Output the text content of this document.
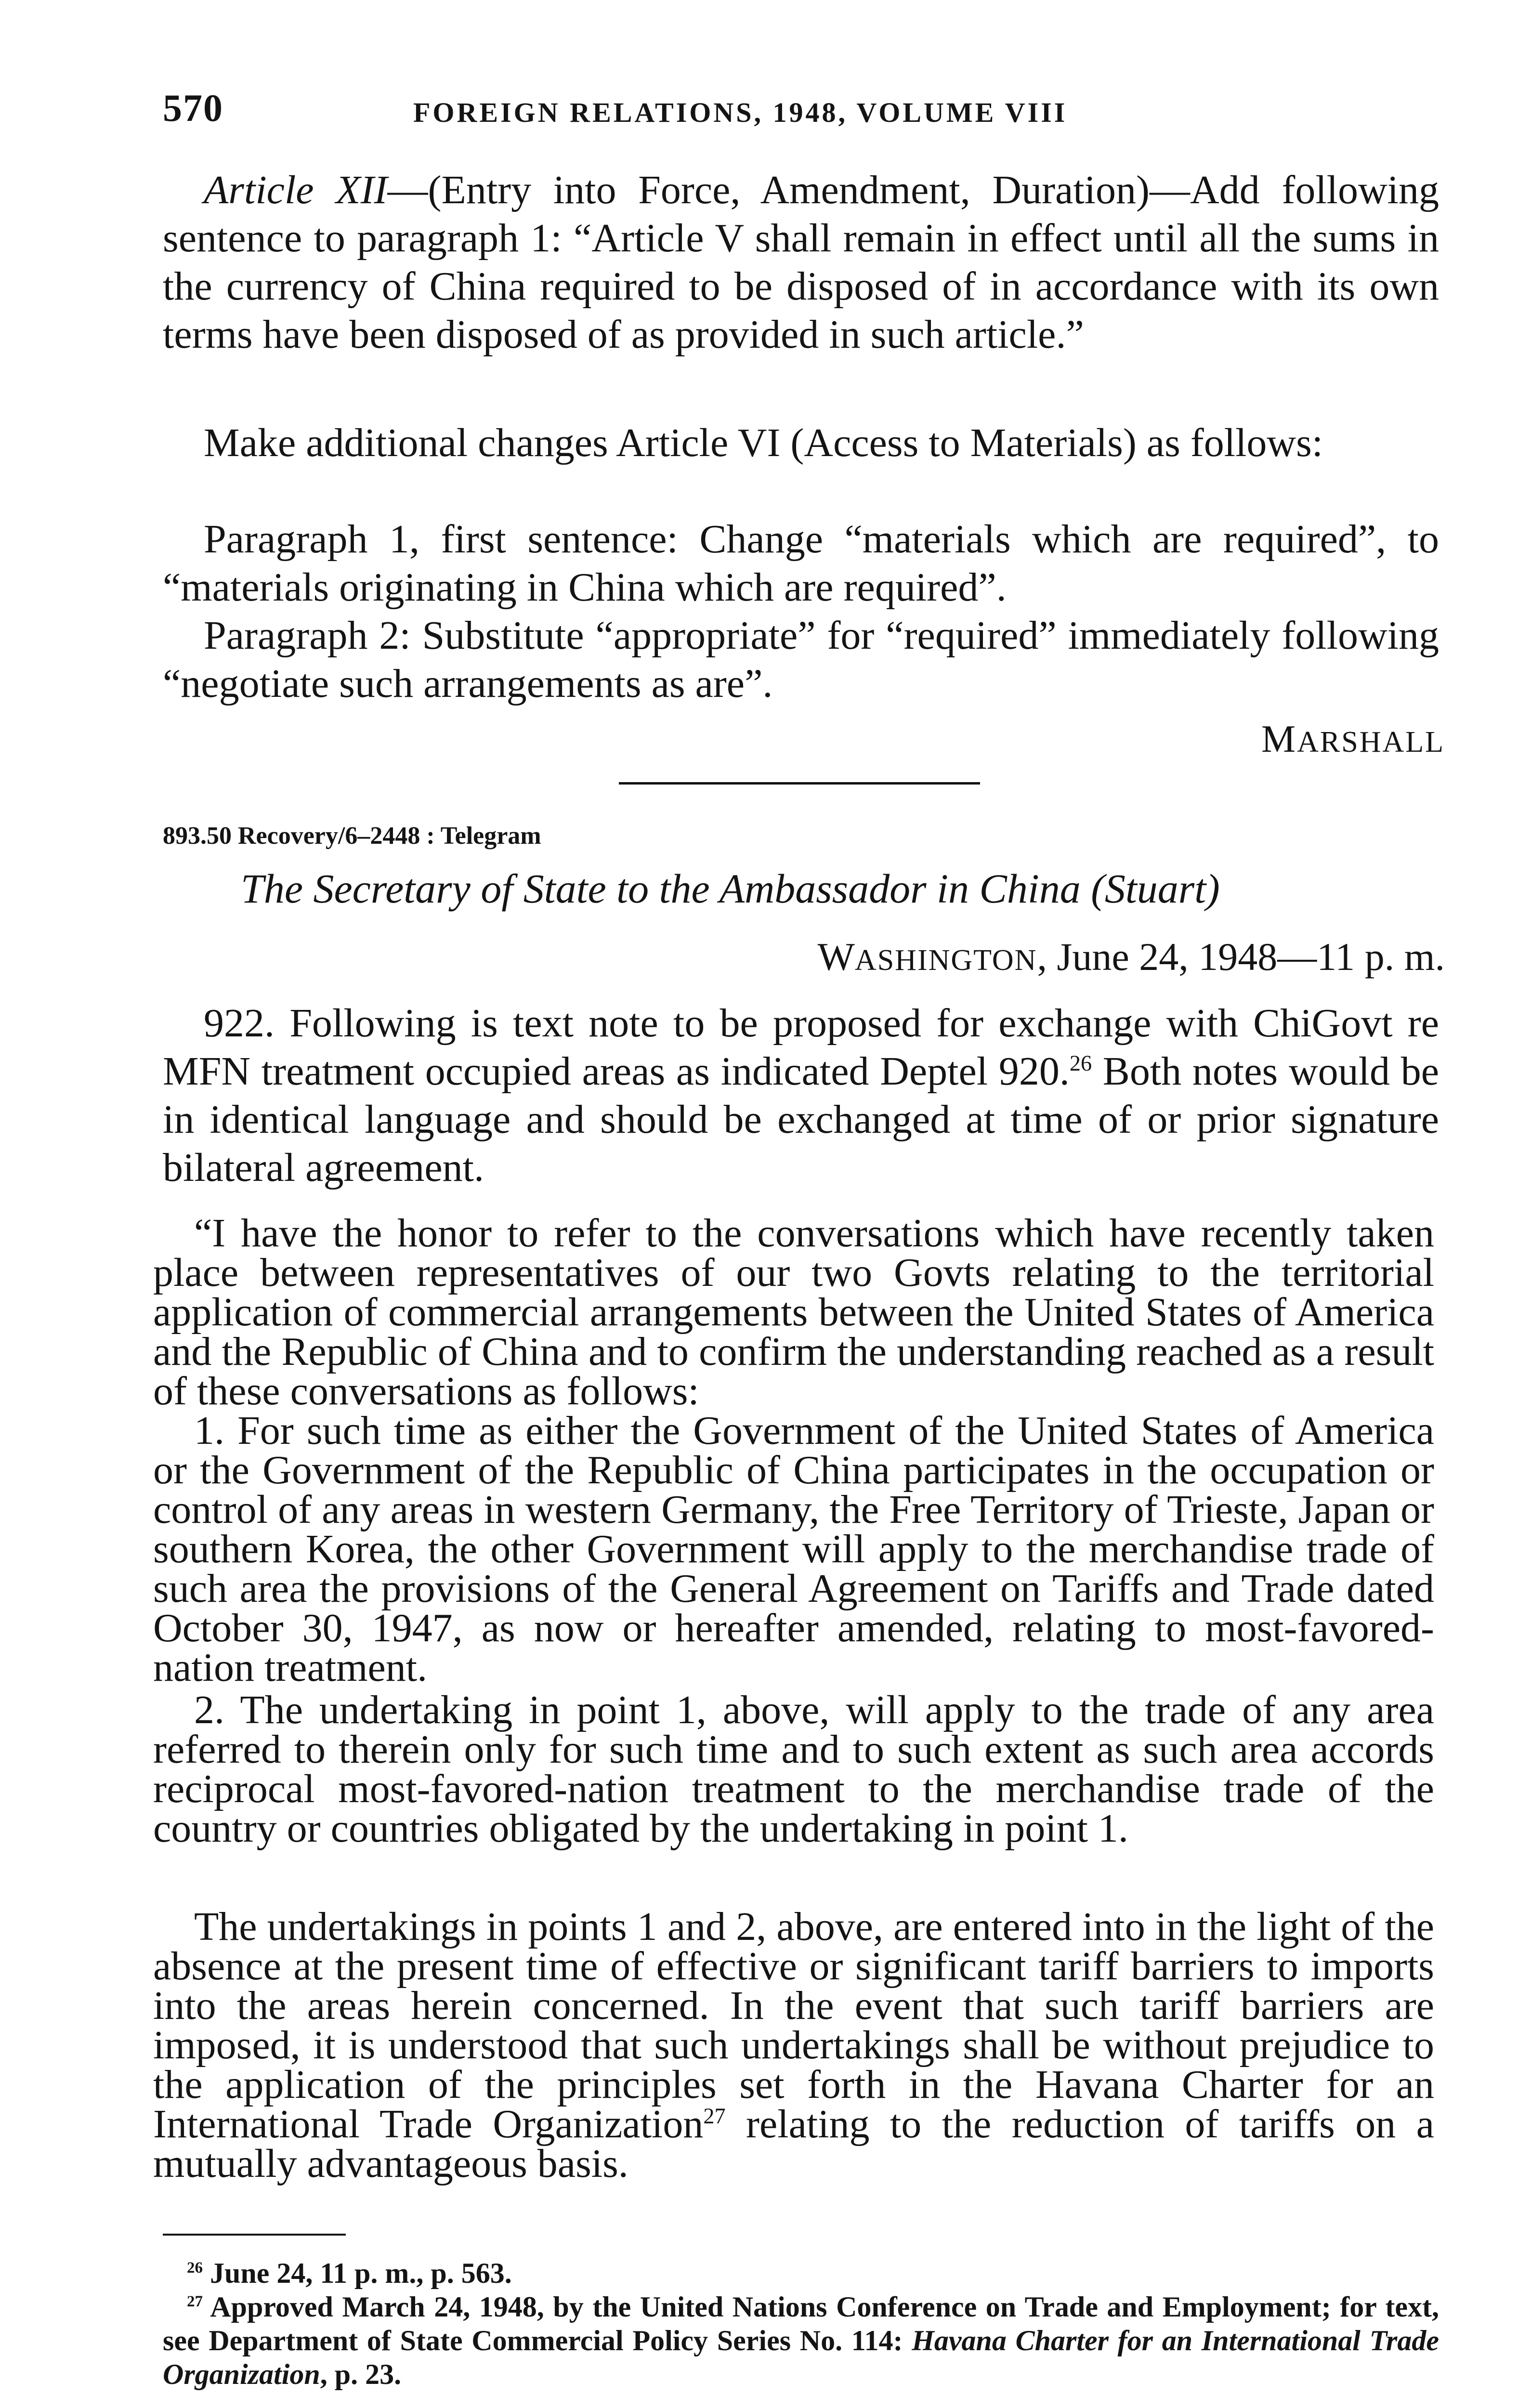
570	FOREIGN RELATIONS, 1948, VOLUME VIII

Article XII—(Entry into Force, Amendment, Duration)—Add following sentence to paragraph 1: “Article V shall remain in effect until all the sums in the currency of China required to be disposed of in accordance with its own terms have been disposed of as provided in such article.”

Make additional changes Article VI (Access to Materials) as follows:

Paragraph 1, first sentence: Change “materials which are required”, to “materials originating in China which are required”.

Paragraph 2: Substitute “appropriate” for “required” immediately following “negotiate such arrangements as are”.

MARSHALL
893.50 Recovery/6–2448 : Telegram
The Secretary of State to the Ambassador in China (Stuart)
WASHINGTON, June 24, 1948—11 p. m.

922. Following is text note to be proposed for exchange with ChiGovt re MFN treatment occupied areas as indicated Deptel 920.26 Both notes would be in identical language and should be exchanged at time of or prior signature bilateral agreement.

“I have the honor to refer to the conversations which have recently taken place between representatives of our two Govts relating to the territorial application of commercial arrangements between the United States of America and the Republic of China and to confirm the understanding reached as a result of these conversations as follows:

1. For such time as either the Government of the United States of America or the Government of the Republic of China participates in the occupation or control of any areas in western Germany, the Free Territory of Trieste, Japan or southern Korea, the other Government will apply to the merchandise trade of such area the provisions of the General Agreement on Tariffs and Trade dated October 30, 1947, as now or hereafter amended, relating to most-favored-nation treatment.

2. The undertaking in point 1, above, will apply to the trade of any area referred to therein only for such time and to such extent as such area accords reciprocal most-favored-nation treatment to the merchandise trade of the country or countries obligated by the undertaking in point 1.

The undertakings in points 1 and 2, above, are entered into in the light of the absence at the present time of effective or significant tariff barriers to imports into the areas herein concerned. In the event that such tariff barriers are imposed, it is understood that such undertakings shall be without prejudice to the application of the principles set forth in the Havana Charter for an International Trade Organization$^{27}$ relating to the reduction of tariffs on a mutually advantageous basis.

$^{26}$ June 24, 11 p. m., p. 563.

$^{27}$ Approved March 24, 1948, by the United Nations Conference on Trade and Employment; for text, see Department of State Commercial Policy Series No. 114: Havana Charter for an International Trade Organization, p. 23.
